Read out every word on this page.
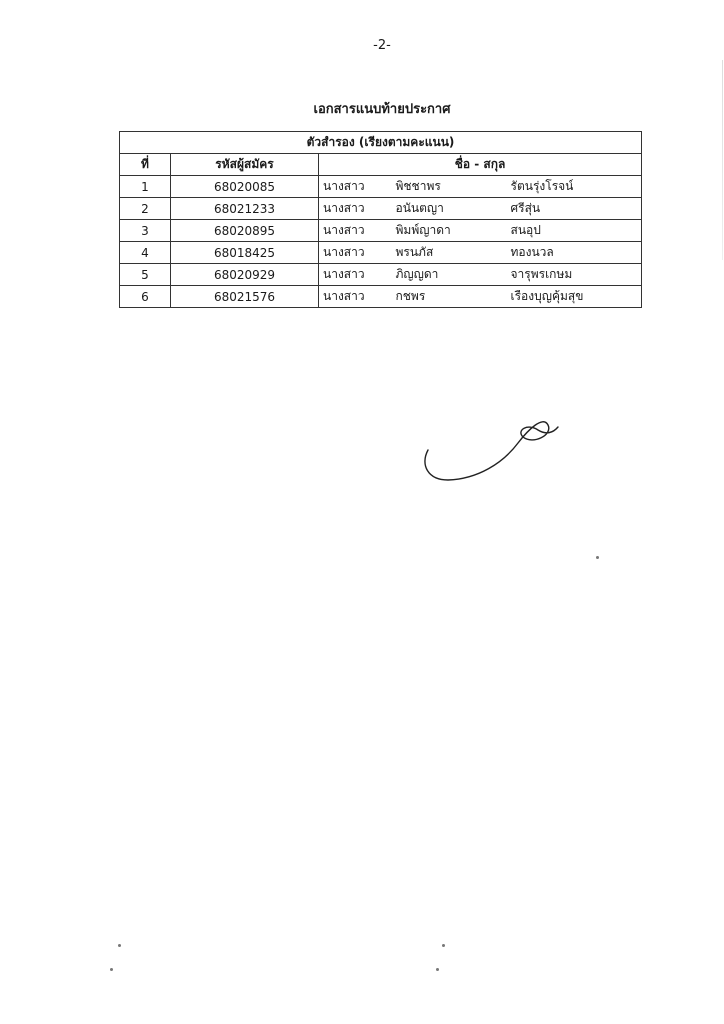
-2-
เอกสารแนบท้ายประกาศ
ตัวสำรอง (เรียงตามคะแนน)				
ที่	รหัสผู้สมัคร	ชื่อ - สกุล		
1	68020085	นางสาว	พิชชาพร	รัตนรุ่งโรจน์
2	68021233	นางสาว	อนันตญา	ศรีสุ่น
3	68020895	นางสาว	พิมพ์ญาดา	สนอุป
4	68018425	นางสาว	พรนภัส	ทองนวล
5	68020929	นางสาว	ภิญญดา	จารุพรเกษม
6	68021576	นางสาว	กชพร	เรืองบุญคุ้มสุข
